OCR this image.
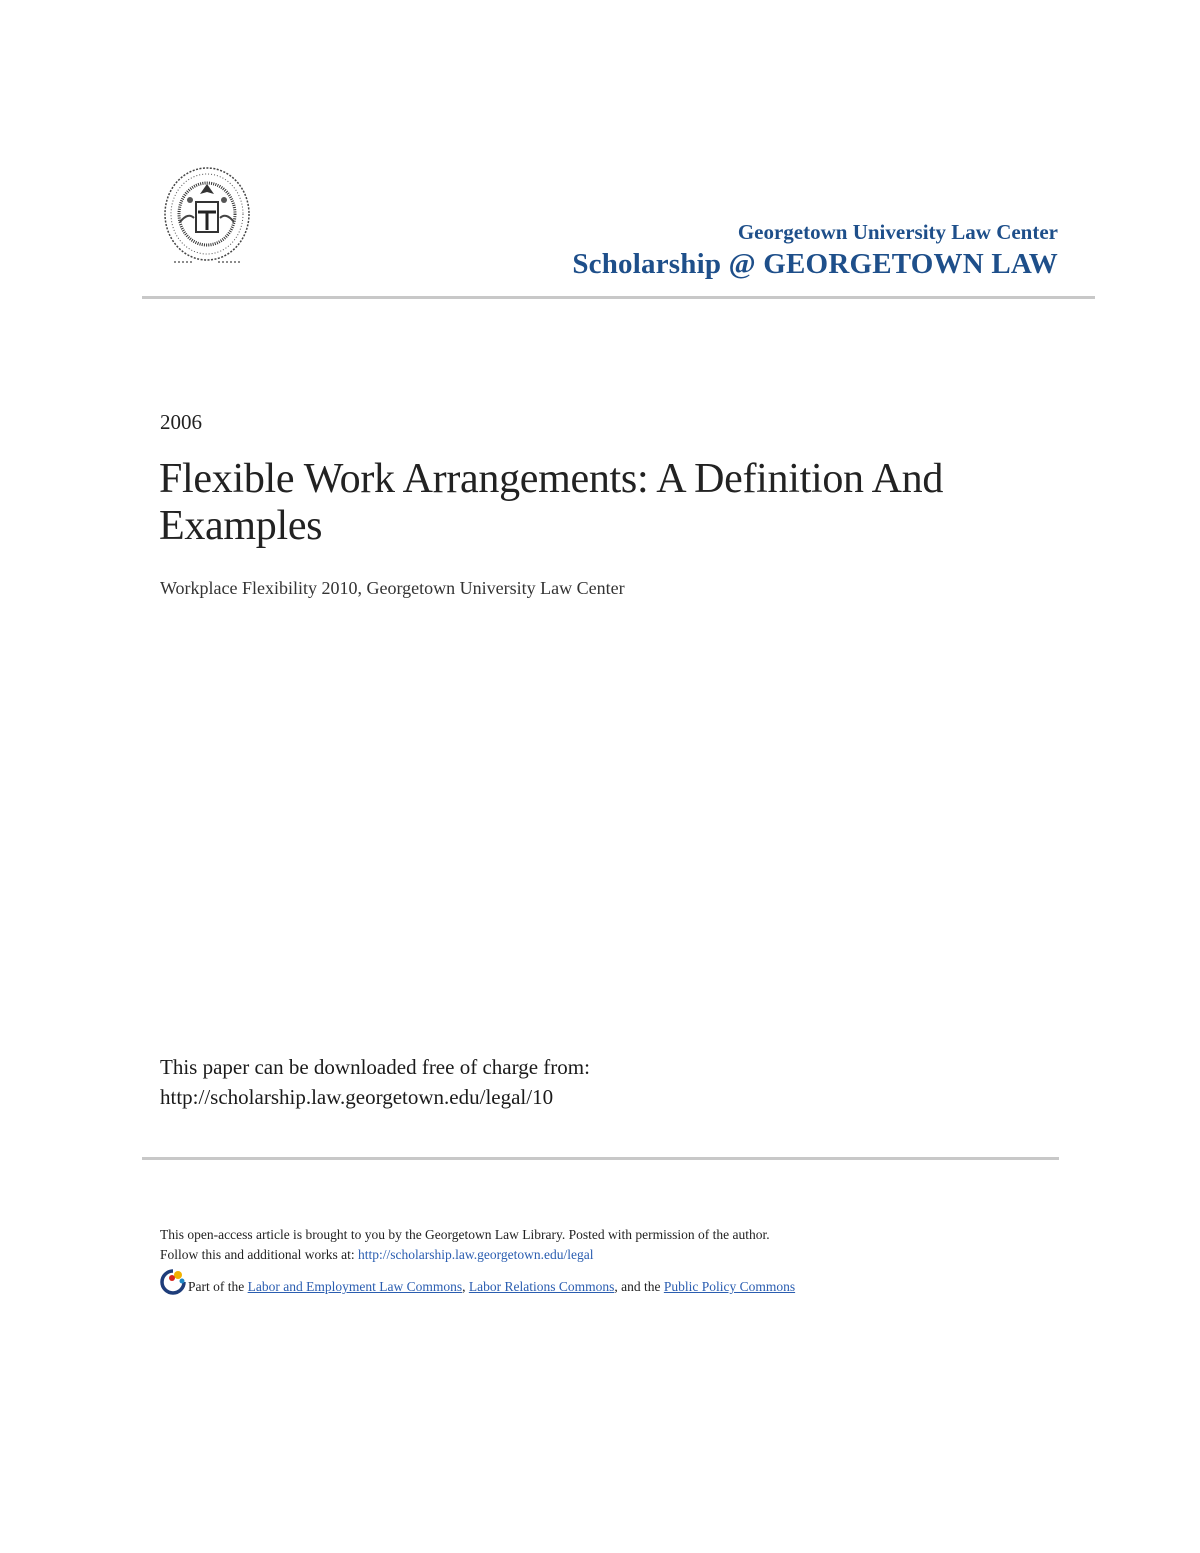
Georgetown University Law Center
Scholarship @ GEORGETOWN LAW
2006
Flexible Work Arrangements: A Definition And Examples
Workplace Flexibility 2010, Georgetown University Law Center
This paper can be downloaded free of charge from:
http://scholarship.law.georgetown.edu/legal/10
This open-access article is brought to you by the Georgetown Law Library. Posted with permission of the author.
Follow this and additional works at: http://scholarship.law.georgetown.edu/legal
Part of the Labor and Employment Law Commons, Labor Relations Commons, and the Public Policy Commons
